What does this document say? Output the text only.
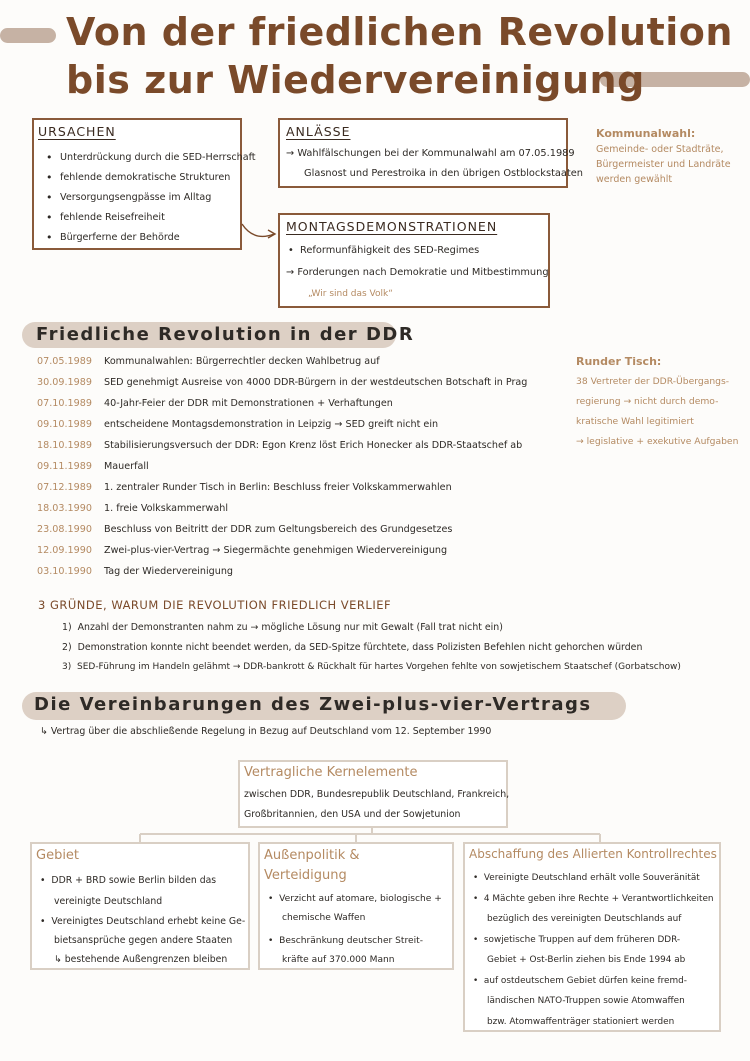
Von der friedlichen Revolution
bis zur Wiedervereinigung
URSACHEN
• Unterdrückung durch die SED-Herrschaft
• fehlende demokratische Strukturen
• Versorgungsengpässe im Alltag
• fehlende Reisefreiheit
• Bürgerferne der Behörde
ANLÄSSE
→ Wahlfälschungen bei der Kommunalwahl am 07.05.1989
Glasnost und Perestroika in den übrigen Ostblockstaaten
Kommunalwahl:
Gemeinde- oder Stadträte,
Bürgermeister und Landräte
werden gewählt
MONTAGSDEMONSTRATIONEN
•  Reformunfähigkeit des SED-Regimes
→ Forderungen nach Demokratie und Mitbestimmung
„Wir sind das Volk“
Friedliche Revolution in der DDR
07.05.1989 Kommunalwahlen: Bürgerrechtler decken Wahlbetrug auf
30.09.1989 SED genehmigt Ausreise von 4000 DDR-Bürgern in der westdeutschen Botschaft in Prag
07.10.1989 40-Jahr-Feier der DDR mit Demonstrationen + Verhaftungen
09.10.1989 entscheidene Montagsdemonstration in Leipzig → SED greift nicht ein
18.10.1989 Stabilisierungsversuch der DDR: Egon Krenz löst Erich Honecker als DDR-Staatschef ab
09.11.1989 Mauerfall
07.12.1989 1. zentraler Runder Tisch in Berlin: Beschluss freier Volkskammerwahlen
18.03.1990 1. freie Volkskammerwahl
23.08.1990 Beschluss von Beitritt der DDR zum Geltungsbereich des Grundgesetzes
12.09.1990 Zwei-plus-vier-Vertrag → Siegermächte genehmigen Wiedervereinigung
03.10.1990 Tag der Wiedervereinigung
Runder Tisch:
38 Vertreter der DDR-Übergangs-
regierung → nicht durch demo-
kratische Wahl legitimiert
→ legislative + exekutive Aufgaben
3 GRÜNDE, WARUM DIE REVOLUTION FRIEDLICH VERLIEF
1) Anzahl der Demonstranten nahm zu → mögliche Lösung nur mit Gewalt (Fall trat nicht ein)
2) Demonstration konnte nicht beendet werden, da SED-Spitze fürchtete, dass Polizisten Befehlen nicht gehorchen würden
3) SED-Führung im Handeln gelähmt → DDR-bankrott & Rückhalt für hartes Vorgehen fehlte von sowjetischem Staatschef (Gorbatschow)
Die Vereinbarungen des Zwei-plus-vier-Vertrags
↳ Vertrag über die abschließende Regelung in Bezug auf Deutschland vom 12. September 1990
Vertragliche Kernelemente
zwischen DDR, Bundesrepublik Deutschland, Frankreich,
Großbritannien, den USA und der Sowjetunion
Gebiet
•  DDR + BRD sowie Berlin bilden das
vereinigte Deutschland
•  Vereinigtes Deutschland erhebt keine Ge-
bietsansprüche gegen andere Staaten
↳ bestehende Außengrenzen bleiben
Außenpolitik &
Verteidigung
•  Verzicht auf atomare, biologische +
chemische Waffen
•  Beschränkung deutscher Streit-
kräfte auf 370.000 Mann
Abschaffung des Allierten Kontrollrechtes
•  Vereinigte Deutschland erhält volle Souveränität
•  4 Mächte geben ihre Rechte + Verantwortlichkeiten
bezüglich des vereinigten Deutschlands auf
•  sowjetische Truppen auf dem früheren DDR-
Gebiet + Ost-Berlin ziehen bis Ende 1994 ab
•  auf ostdeutschem Gebiet dürfen keine fremd-
ländischen NATO-Truppen sowie Atomwaffen
bzw. Atomwaffenträger stationiert werden
